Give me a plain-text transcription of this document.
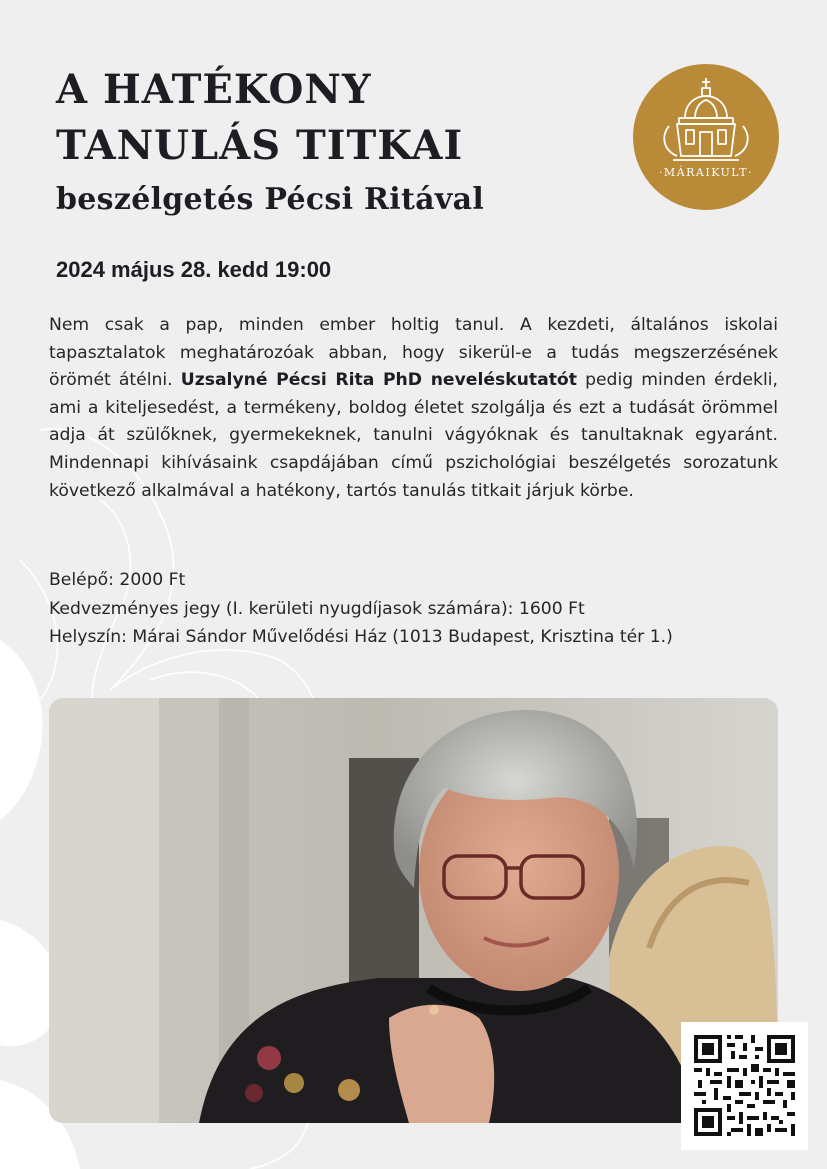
A HATÉKONY
TANULÁS TITKAI
beszélgetés Pécsi Ritával
2024 május 28. kedd 19:00
·MÁRAIKULT·

Nem csak a pap, minden ember holtig tanul. A kezdeti, általános iskolai tapasztalatok meghatározóak abban, hogy sikerül-e a tudás megszerzésének örömét átélni. Uzsalyné Pécsi Rita PhD neveléskutatót pedig minden érdekli, ami a kiteljesedést, a termékeny, boldog életet szolgálja és ezt a tudását örömmel adja át szülőknek, gyermekeknek, tanulni vágyóknak és tanultaknak egyaránt. Mindennapi kihívásaink csapdájában című pszichológiai beszélgetés sorozatunk következő alkalmával a hatékony, tartós tanulás titkait járjuk körbe.

Belépő: 2000 Ft
Kedvezményes jegy (I. kerületi nyugdíjasok számára): 1600 Ft
Helyszín: Márai Sándor Művelődési Ház (1013 Budapest, Krisztina tér 1.)
